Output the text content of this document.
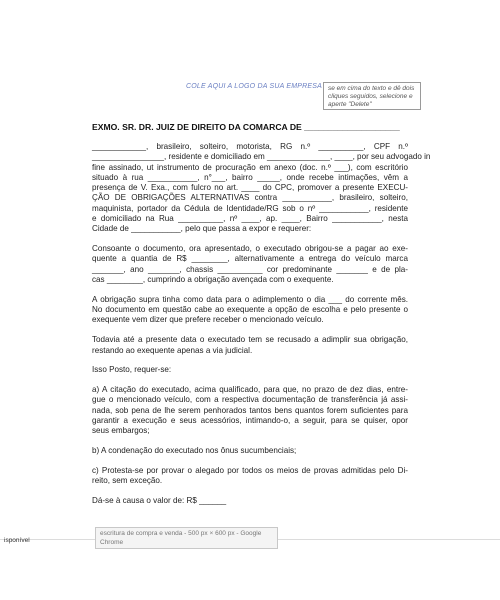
COLE AQUI A LOGO DA SUA EMPRESA se em cima do texto e dê dois cliques seguidos, selecione e aperte "Delete"
EXMO. SR. DR. JUIZ DE DIREITO DA COMARCA DE ____________________

____________, brasileiro, solteiro, motorista, RG n.º __________, CPF n.º
________________, residente e domiciliado em ______________, ____, por seu advogado in
fine assinado, ut instrumento de procuração em anexo (doc. n.º ___), com escritório
situado à rua ___________, n°___, bairro _____, onde recebe intimações, vêm a
presença de V. Exa., com fulcro no art. ____ do CPC, promover a presente EXECU-
ÇÃO DE OBRIGAÇÕES ALTERNATIVAS contra ___________, brasileiro, solteiro,
maquinista, portador da Cédula de Identidade/RG sob o nº ___________, residente
e domiciliado na Rua __________, nº ____, ap. ____, Bairro ___________, nesta
Cidade de ___________, pelo que passa a expor e requerer:

Consoante o documento, ora apresentado, o executado obrigou-se a pagar ao exe-
quente a quantia de R$ ________, alternativamente a entrega do veículo marca
_______, ano _______, chassis __________ cor predominante _______ e de pla-
cas ________, cumprindo a obrigação avençada com o exequente.

A obrigação supra tinha como data para o adimplemento o dia ___ do corrente mês.
No documento em questão cabe ao exequente a opção de escolha e pelo presente o
exequente vem dizer que prefere receber o mencionado veículo.

Todavia até a presente data o executado tem se recusado a adimplir sua obrigação,
restando ao exequente apenas a via judicial.

Isso Posto, requer-se:

a) A citação do executado, acima qualificado, para que, no prazo de dez dias, entre-
gue o mencionado veículo, com a respectiva documentação de transferência já assi-
nada, sob pena de lhe serem penhorados tantos bens quantos forem suficientes para
garantir a execução e seus acessórios, intimando-o, a seguir, para se quiser, opor
seus embargos;

b) A condenação do executado nos ônus sucumbenciais;

c) Protesta-se por provar o alegado por todos os meios de provas admitidas pelo Di-
reito, sem exceção.

Dá-se à causa o valor de: R$ ______

isponível
escritura de compra e venda - 500 px × 600 px - Google Chrome
